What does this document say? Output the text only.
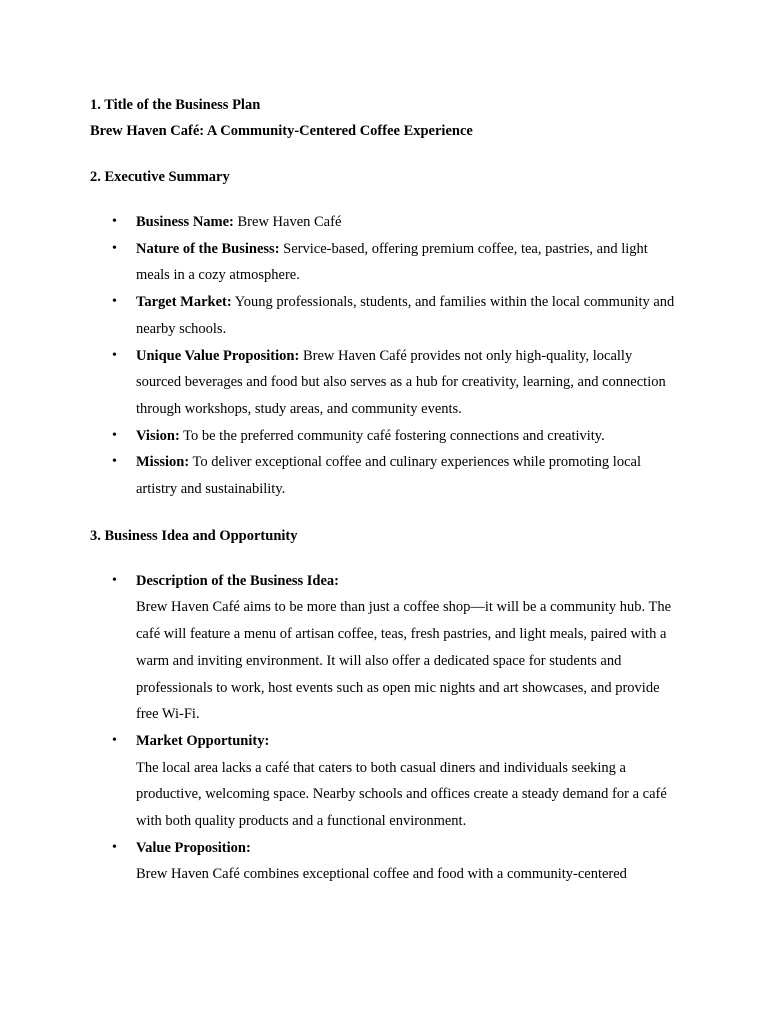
1. Title of the Business Plan

Brew Haven Café: A Community-Centered Coffee Experience

2. Executive Summary

• Business Name: Brew Haven Café
• Nature of the Business: Service-based, offering premium coffee, tea, pastries, and light meals in a cozy atmosphere.
• Target Market: Young professionals, students, and families within the local community and nearby schools.
• Unique Value Proposition: Brew Haven Café provides not only high-quality, locally sourced beverages and food but also serves as a hub for creativity, learning, and connection through workshops, study areas, and community events.
• Vision: To be the preferred community café fostering connections and creativity.
• Mission: To deliver exceptional coffee and culinary experiences while promoting local artistry and sustainability.

3. Business Idea and Opportunity

• Description of the Business Idea:
Brew Haven Café aims to be more than just a coffee shop—it will be a community hub. The café will feature a menu of artisan coffee, teas, fresh pastries, and light meals, paired with a warm and inviting environment. It will also offer a dedicated space for students and professionals to work, host events such as open mic nights and art showcases, and provide free Wi-Fi.
• Market Opportunity:
The local area lacks a café that caters to both casual diners and individuals seeking a productive, welcoming space. Nearby schools and offices create a steady demand for a café with both quality products and a functional environment.
• Value Proposition:
Brew Haven Café combines exceptional coffee and food with a community-centered
